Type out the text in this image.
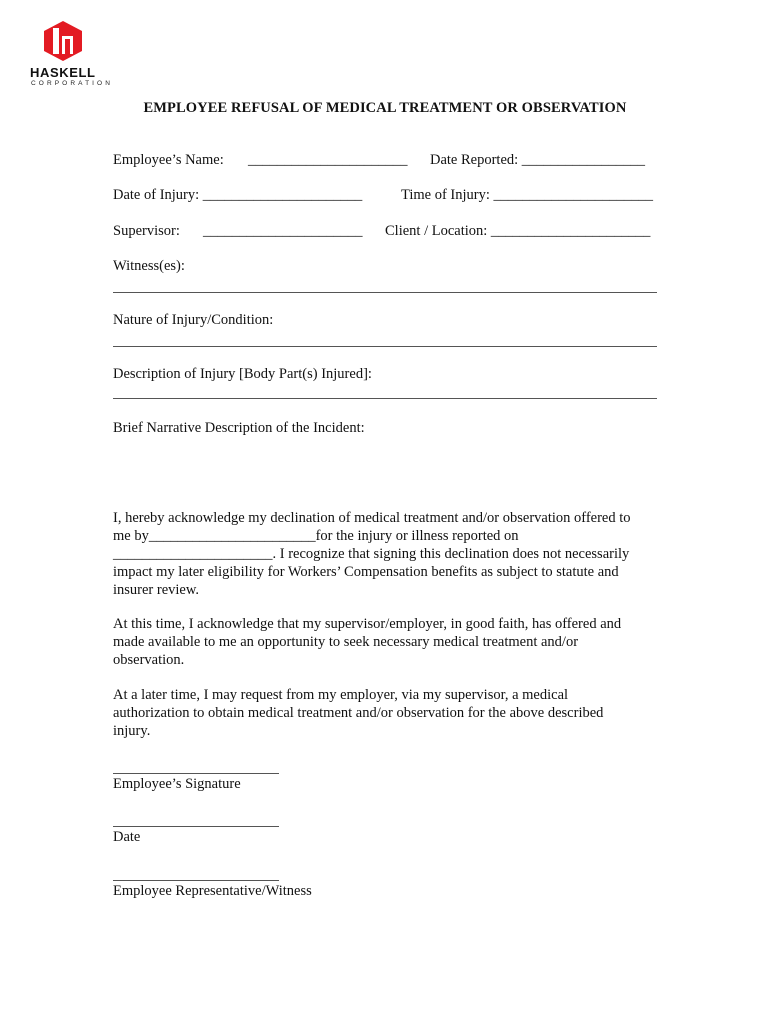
HASKELL
CORPORATION
EMPLOYEE REFUSAL OF MEDICAL TREATMENT OR OBSERVATION
Employee’s Name: ______________________ Date Reported: _________________
Date of Injury: ______________________	Time of Injury: ______________________
Supervisor: ______________________ Client / Location: ______________________
Witness(es):
Nature of Injury/Condition:
Description of Injury [Body Part(s) Injured]:
Brief Narrative Description of the Incident:
I, hereby acknowledge my declination of medical treatment and/or observation offered to
me by_______________________for the injury or illness reported on
______________________. I recognize that signing this declination does not necessarily
impact my later eligibility for Workers’ Compensation benefits as subject to statute and
insurer review.
At this time, I acknowledge that my supervisor/employer, in good faith, has offered and
made available to me an opportunity to seek necessary medical treatment and/or
observation.
At a later time, I may request from my employer, via my supervisor, a medical
authorization to obtain medical treatment and/or observation for the above described
injury.
Employee’s Signature
Date
Employee Representative/Witness
